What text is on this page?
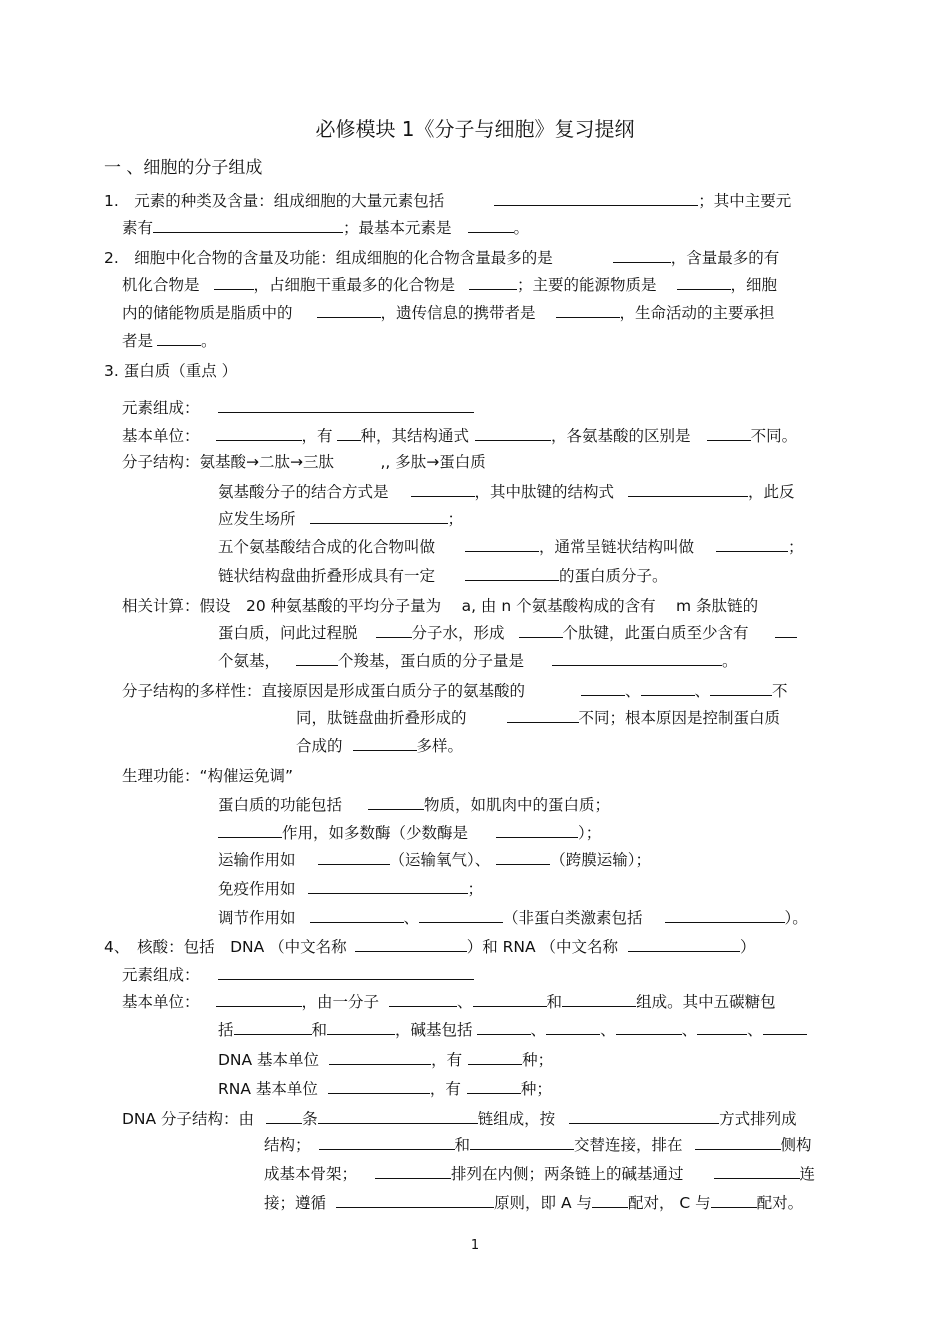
必修模块 1《分子与细胞》复习提纲
一 、细胞的分子组成
1.　元素的种类及含量：组成细胞的大量元素包括	；其中主要元
素有	；最基本元素是	。
2.　细胞中化合物的含量及功能：组成细胞的化合物含量最多的是	，含量最多的有
机化合物是	，占细胞干重最多的化合物是	；主要的能源物质是	，细胞
内的储能物质是脂质中的	，遗传信息的携带者是	，生命活动的主要承担
者是	。
3. 蛋白质（重点 ）
元素组成：
基本单位：	，有 种，其结构通式	，各氨基酸的区别是	不同。
分子结构：氨基酸→二肽→三肽　　　,, 多肽→蛋白质
氨基酸分子的结合方式是	，其中肽键的结构式	，此反
应发生场所	；
五个氨基酸结合成的化合物叫做	，通常呈链状结构叫做	；
链状结构盘曲折叠形成具有一定	的蛋白质分子。
相关计算：假设　20 种氨基酸的平均分子量为　 a, 由 n 个氨基酸构成的含有　 m 条肽链的
蛋白质，问此过程脱	分子水，形成	个肽键，此蛋白质至少含有
个氨基，	个羧基，蛋白质的分子量是	。
分子结构的多样性：直接原因是形成蛋白质分子的氨基酸的	、	、	不
同，肽链盘曲折叠形成的	不同；根本原因是控制蛋白质
合成的	多样。
生理功能：“构催运免调”
蛋白质的功能包括	物质，如肌肉中的蛋白质；
作用，如多数酶（少数酶是	）；
运输作用如	（运输氧气）、	（跨膜运输）；
免疫作用如	；
调节作用如	、	（非蛋白类激素包括	）。
4、　核酸：包括　DNA （中文名称	）和 RNA （中文名称	）
元素组成：
基本单位：	，由一分子	、	和	组成。其中五碳糖包
括	和	，碱基包括	、	、	、	、
DNA 基本单位	，有	种；
RNA 基本单位	，有	种；
DNA 分子结构：由	条	链组成，按	方式排列成
结构；	和	交替连接，排在	侧构
成基本骨架；	排列在内侧；两条链上的碱基通过	连
接；遵循	原则，即 A 与 配对， C 与	配对。
1
